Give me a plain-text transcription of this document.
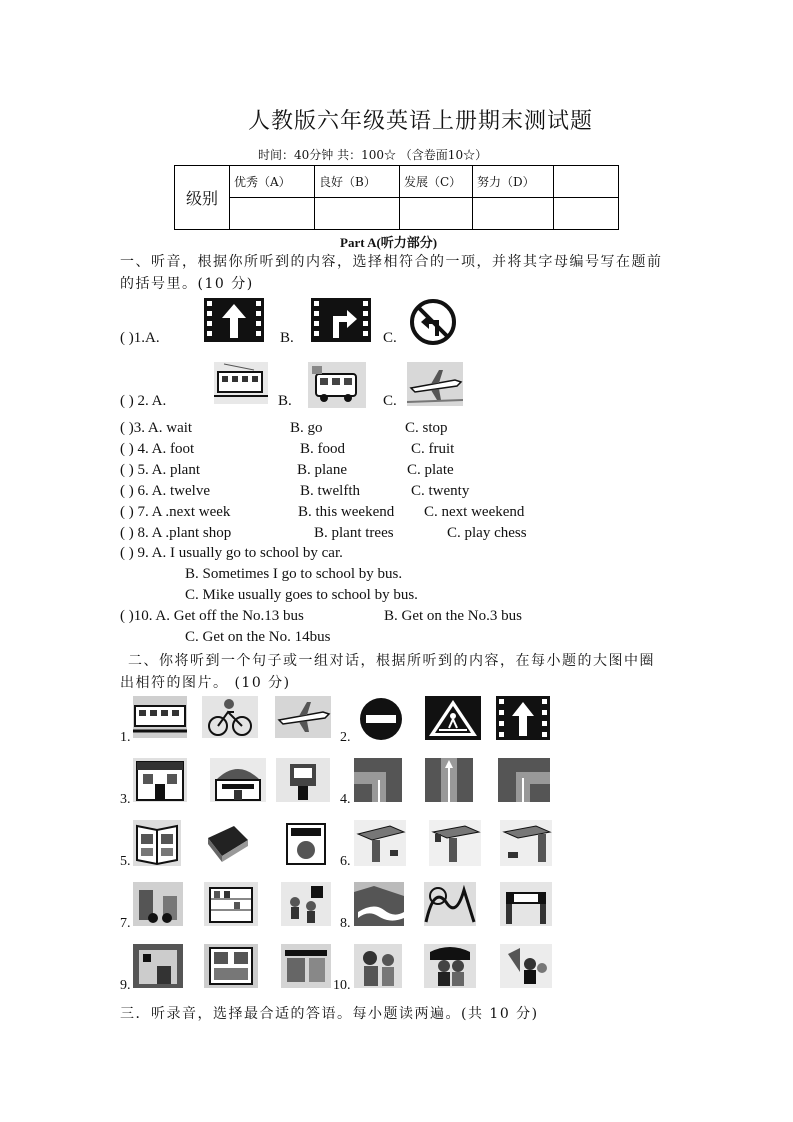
人教版六年级英语上册期末测试题
时间：40分钟 共：100☆ （含卷面10☆）
级别	优秀（A）	良好（B）	发展（C）	努力（D）	

Part A(听力部分)
一、听音，根据你所听到的内容，选择相符合的一项，并将其字母编号写在题前
的括号里。(10 分)
( )1.A.	B.	C.
( ) 2. A.	B.	C.
( )3. A. wait	B. go	C. stop
( ) 4. A. foot	B. food	C. fruit
( ) 5. A. plant	B. plane	C. plate
( ) 6. A. twelve	B. twelfth	C. twenty
( ) 7. A .next week	B. this weekend C. next weekend
( ) 8. A .plant shop	B. plant trees	C. play chess
( ) 9. A. I usually go to school by car.
B. Sometimes I go to school by bus.
C. Mike usually goes to school by bus.
( )10. A. Get off the No.13 bus	B. Get on the No.3 bus
C. Get on the No. 14bus
二、你将听到一个句子或一组对话，根据所听到的内容，在每小题的大图中圈
出相符的图片。 (10 分)
1.	2.
3.	4.
5.	6.
7.	8.
9.	10.
三．听录音，选择最合适的答语。每小题读两遍。(共 10 分)
